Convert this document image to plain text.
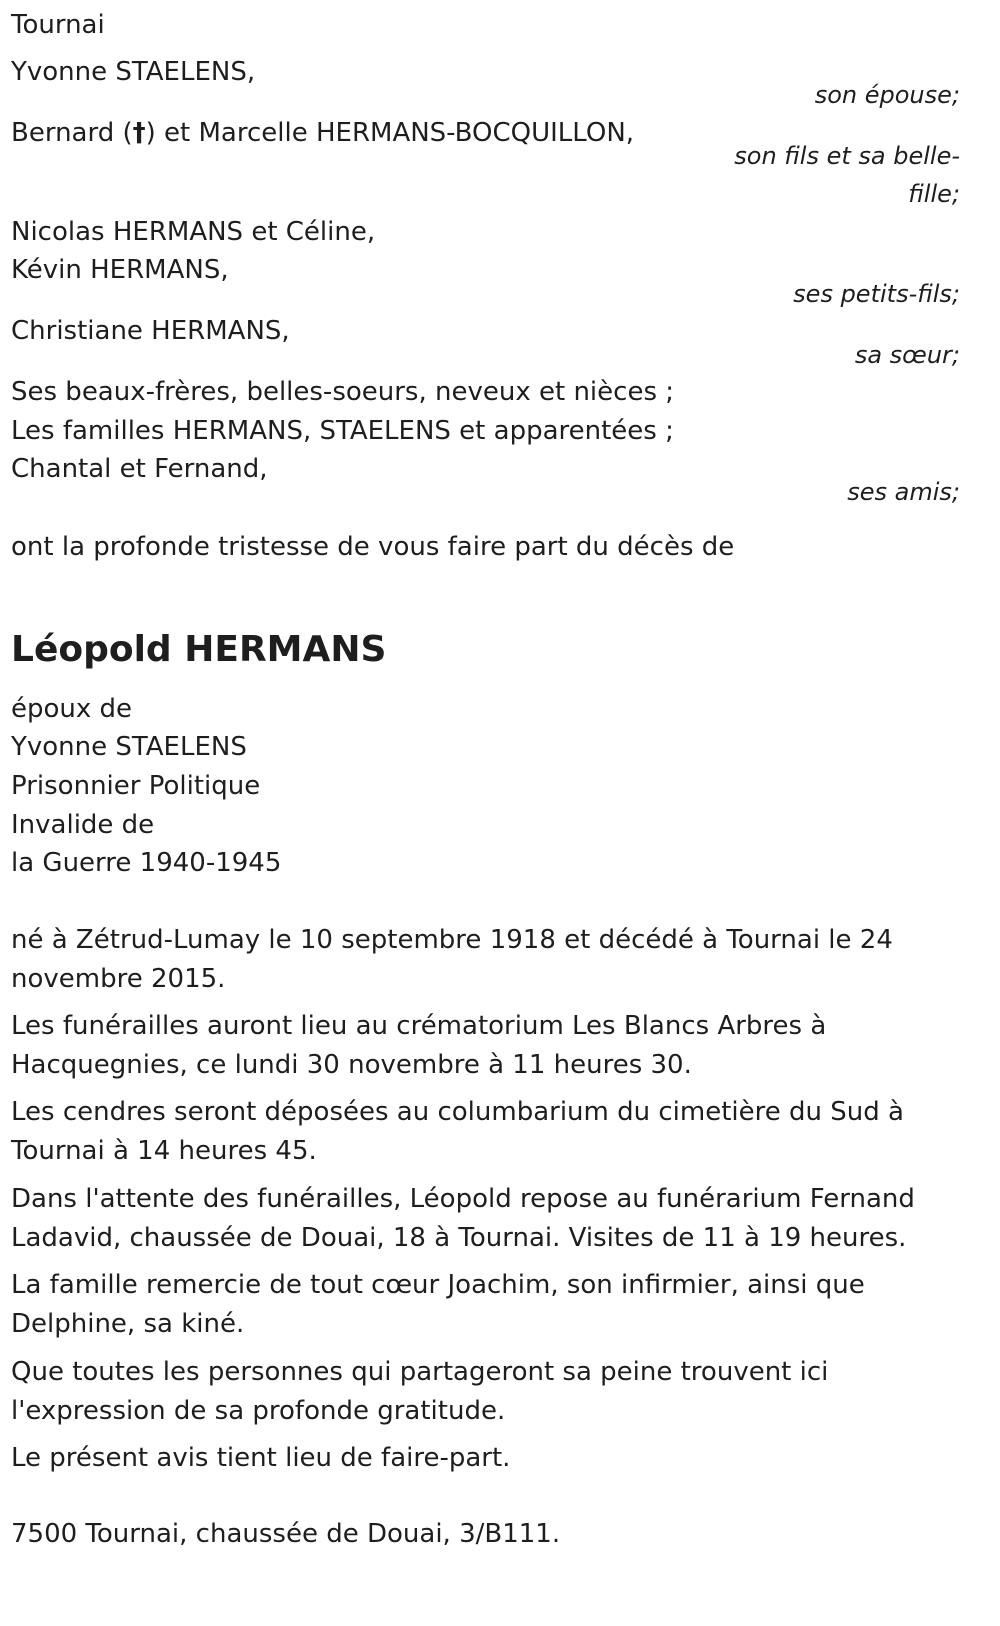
Tournai
Yvonne STAELENS,
son épouse;
Bernard (†) et Marcelle HERMANS-BOCQUILLON,
son fils et sa belle-
fille;
Nicolas HERMANS et Céline,
Kévin HERMANS,
ses petits-fils;
Christiane HERMANS,
sa sœur;
Ses beaux-frères, belles-soeurs, neveux et nièces ;
Les familles HERMANS, STAELENS et apparentées ;
Chantal et Fernand,
ses amis;
ont la profonde tristesse de vous faire part du décès de
Léopold HERMANS
époux de
Yvonne STAELENS
Prisonnier Politique
Invalide de
la Guerre 1940-1945
né à Zétrud-Lumay le 10 septembre 1918 et décédé à Tournai le 24 novembre 2015.
Les funérailles auront lieu au crématorium Les Blancs Arbres à Hacquegnies, ce lundi 30 novembre à 11 heures 30.
Les cendres seront déposées au columbarium du cimetière du Sud à Tournai à 14 heures 45.
Dans l'attente des funérailles, Léopold repose au funérarium Fernand Ladavid, chaussée de Douai, 18 à Tournai. Visites de 11 à 19 heures.
La famille remercie de tout cœur Joachim, son infirmier, ainsi que Delphine, sa kiné.
Que toutes les personnes qui partageront sa peine trouvent ici l'expression de sa profonde gratitude.
Le présent avis tient lieu de faire-part.
7500 Tournai, chaussée de Douai, 3/B111.
